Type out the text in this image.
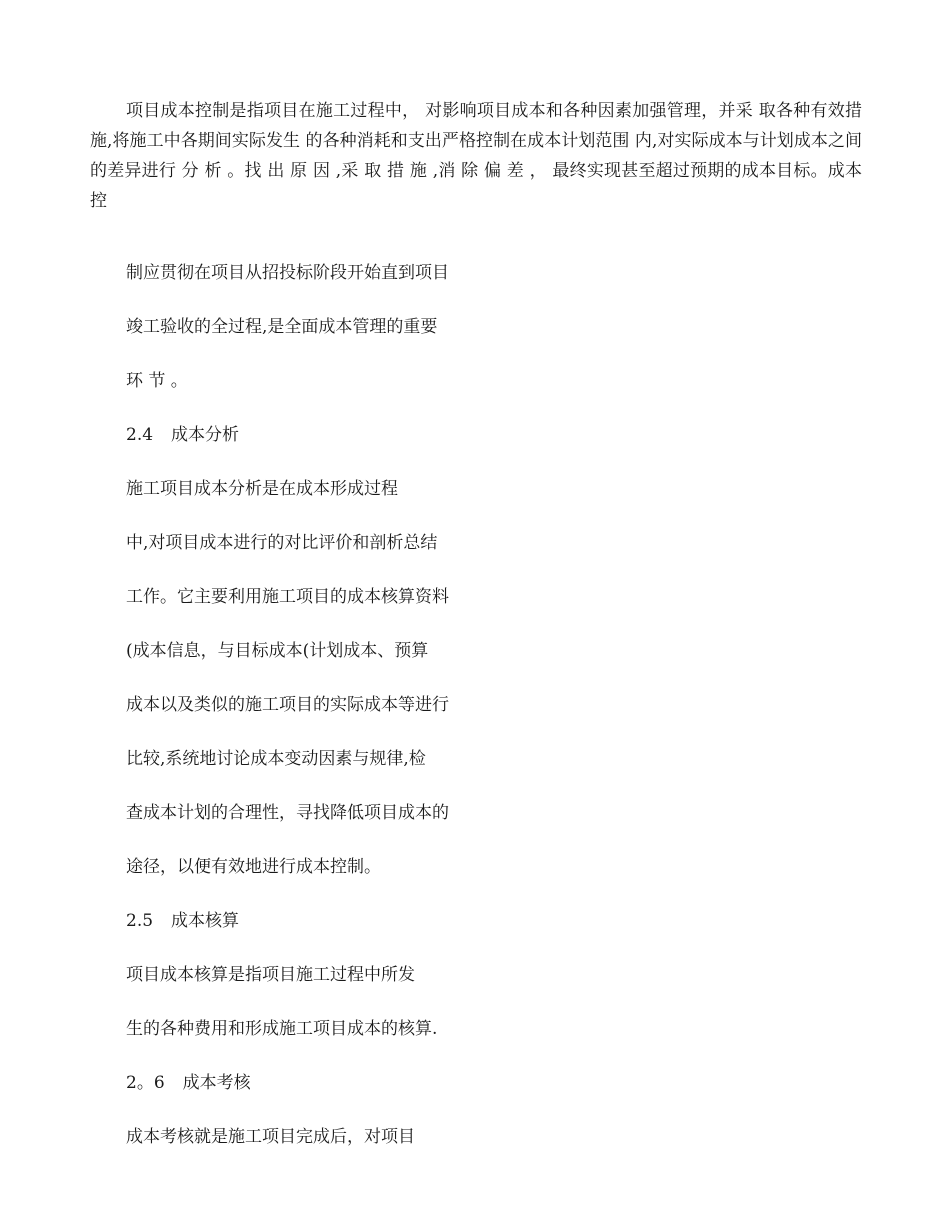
项目成本控制是指项目在施工过程中， 对影响项目成本和各种因素加强管理，并采 取各种有效措施,将施工中各期间实际发生 的各种消耗和支出严格控制在成本计划范围 内,对实际成本与计划成本之间的差异进行 分 析 。找 出 原 因 ,采 取 措 施 ,消 除 偏 差 ， 最终实现甚至超过预期的成本目标。成本控

制应贯彻在项目从招投标阶段开始直到项目

竣工验收的全过程,是全面成本管理的重要

环 节 。

2.4 成本分析

施工项目成本分析是在成本形成过程

中,对项目成本进行的对比评价和剖析总结

工作。它主要利用施工项目的成本核算资料

(成本信息，与目标成本(计划成本、预算

成本以及类似的施工项目的实际成本等进行

比较,系统地讨论成本变动因素与规律,检

查成本计划的合理性，寻找降低项目成本的

途径，以便有效地进行成本控制。

2.5 成本核算

项目成本核算是指项目施工过程中所发

生的各种费用和形成施工项目成本的核算.

2。6 成本考核

成本考核就是施工项目完成后，对项目
